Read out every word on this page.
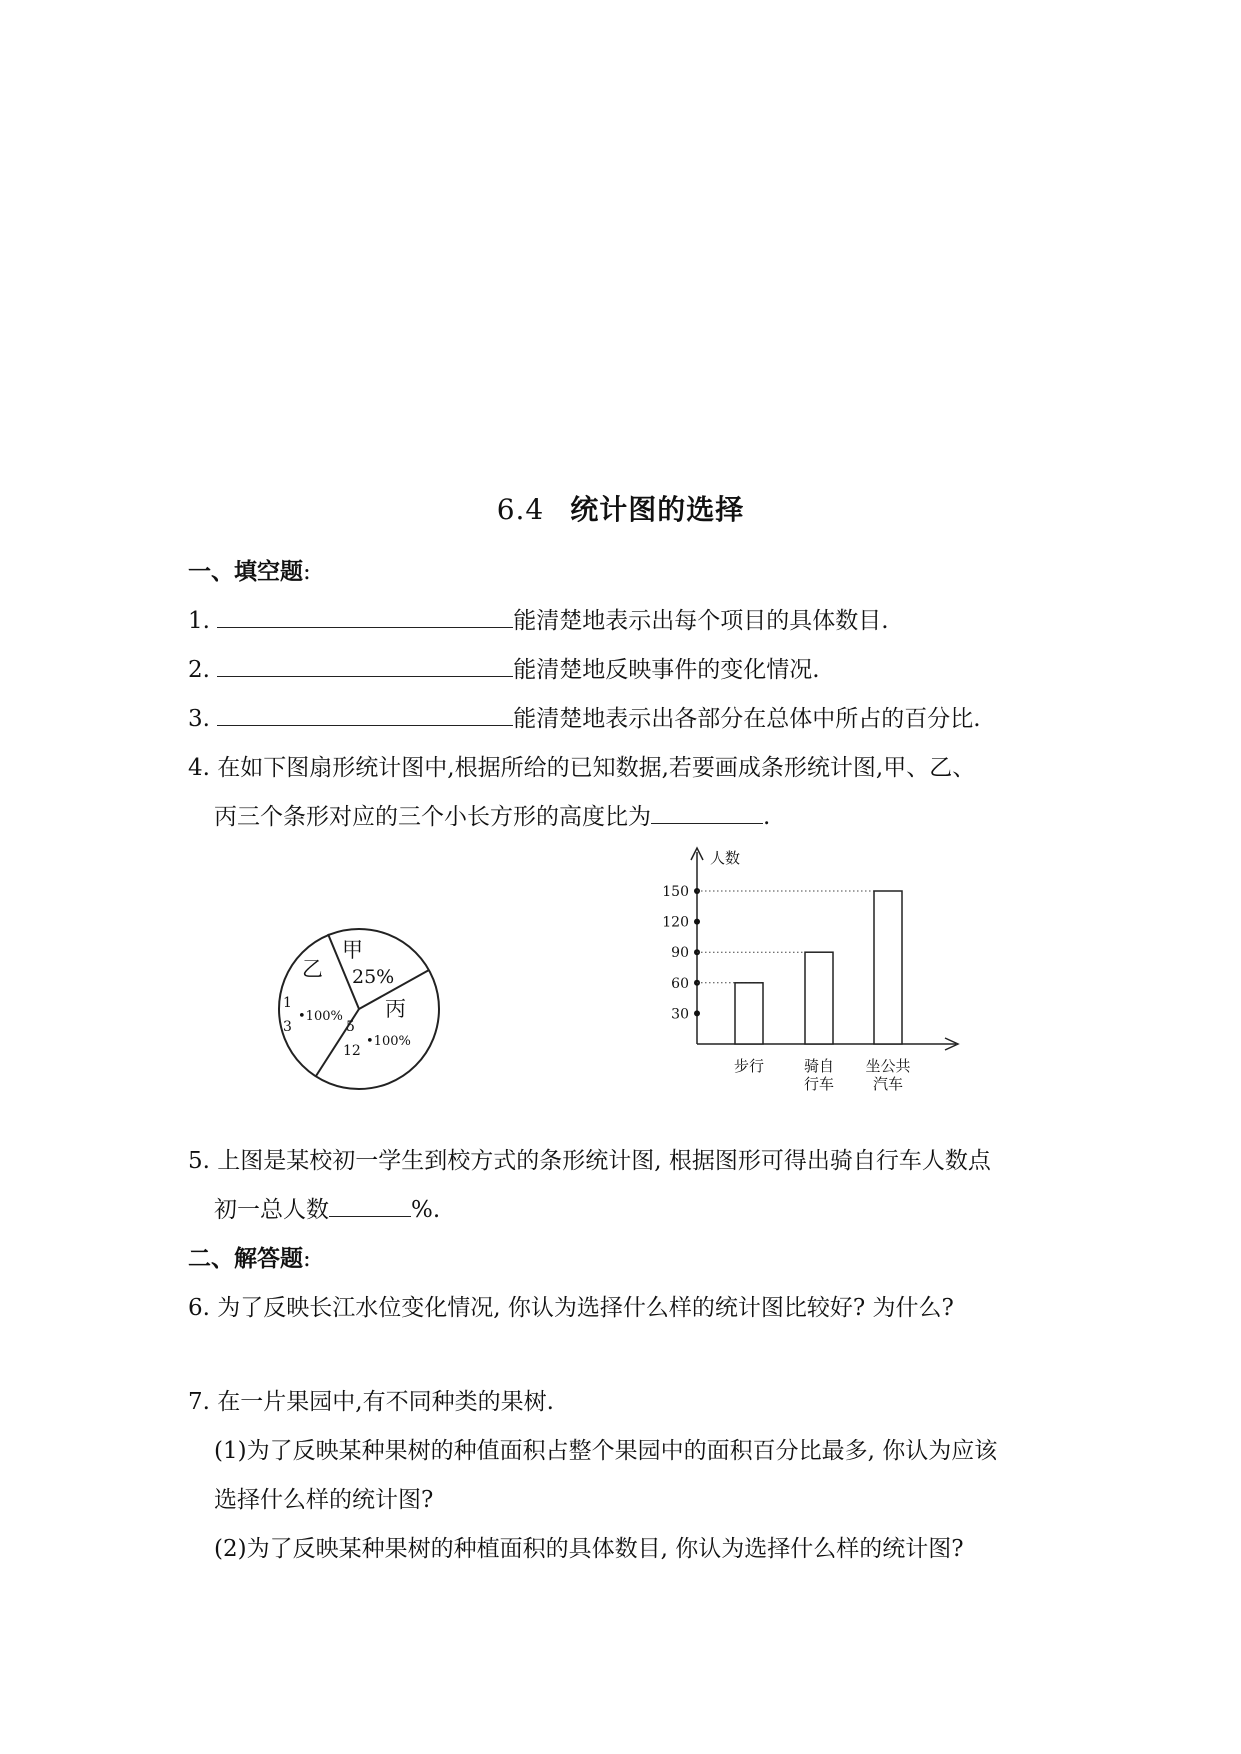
6.4 统计图的选择
一、填空题:
1.	能清楚地表示出每个项目的具体数目.
2.	能清楚地反映事件的变化情况.
3.	能清楚地表示出各部分在总体中所占的百分比.
4. 在如下图扇形统计图中,根据所给的已知数据,若要画成条形统计图,甲、乙、
丙三个条形对应的三个小长方形的高度比为	.
甲
25%
乙
1
3
•100% 丙
5
12
•100%
人数
30
60
90
120
150
步行	骑自
行车
坐公共
汽车
5. 上图是某校初一学生到校方式的条形统计图, 根据图形可得出骑自行车人数点
初一总人数	%.
二、解答题:
6. 为了反映长江水位变化情况, 你认为选择什么样的统计图比较好? 为什么?
7. 在一片果园中,有不同种类的果树.
(1)为了反映某种果树的种值面积占整个果园中的面积百分比最多, 你认为应该
选择什么样的统计图?
(2)为了反映某种果树的种植面积的具体数目, 你认为选择什么样的统计图?
